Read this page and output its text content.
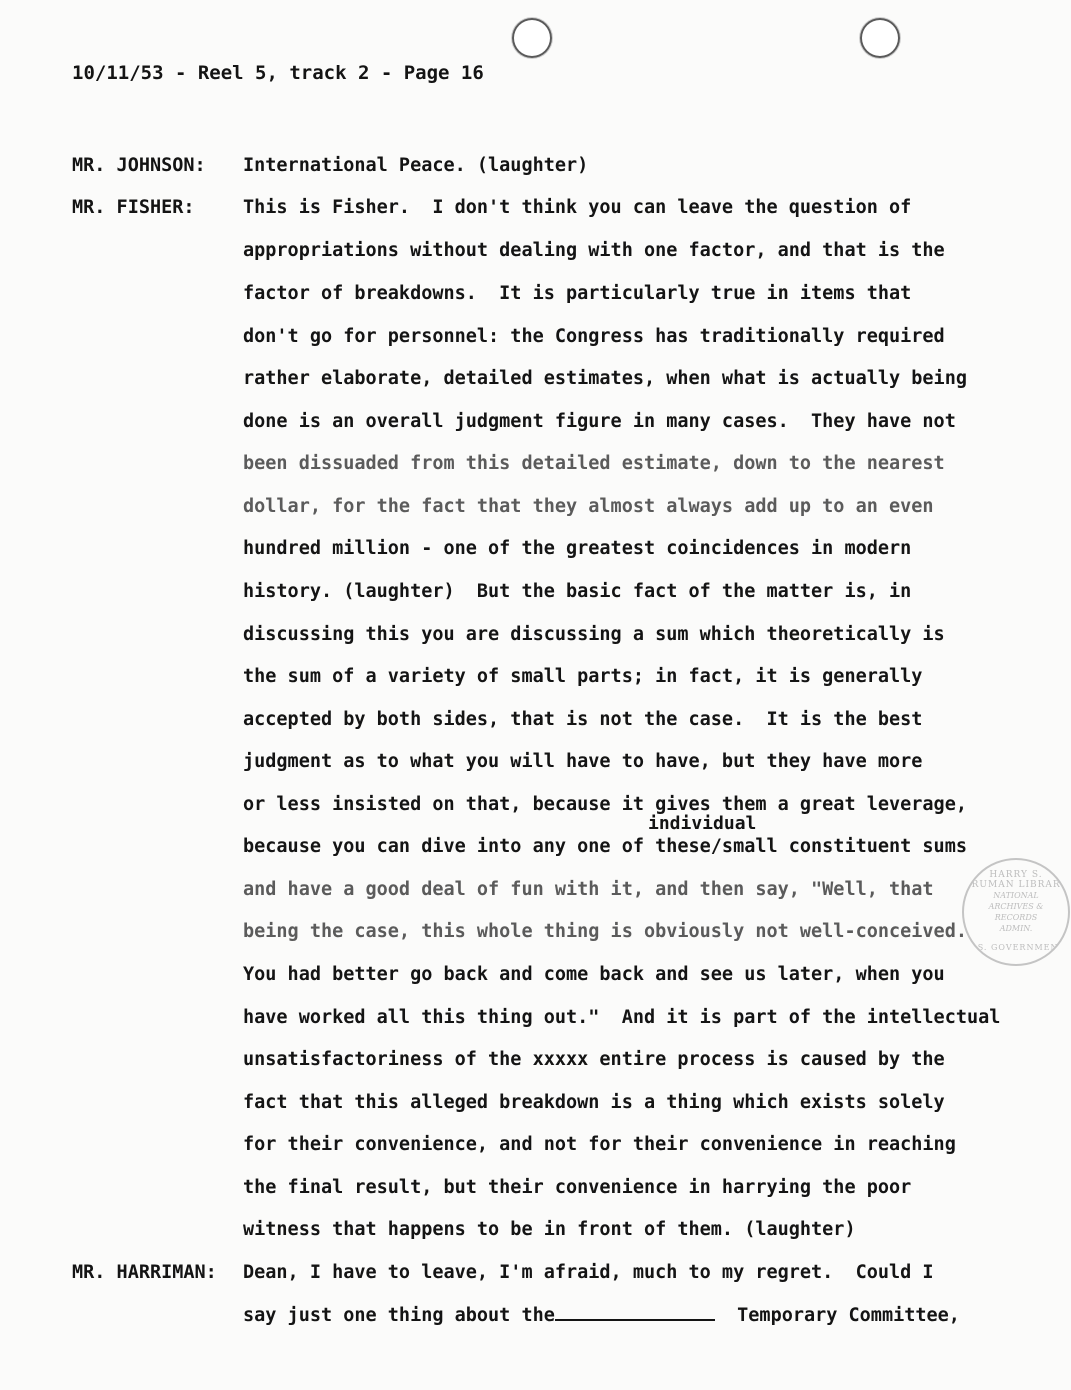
10/11/53 - Reel 5, track 2 - Page 16
MR. JOHNSON: International Peace. (laughter)
MR. FISHER:	This is Fisher.  I don't think you can leave the question of
appropriations without dealing with one factor, and that is the
factor of breakdowns.  It is particularly true in items that
don't go for personnel: the Congress has traditionally required
rather elaborate, detailed estimates, when what is actually being
done is an overall judgment figure in many cases.  They have not
been dissuaded from this detailed estimate, down to the nearest
dollar, for the fact that they almost always add up to an even
hundred million - one of the greatest coincidences in modern
history. (laughter)  But the basic fact of the matter is, in
discussing this you are discussing a sum which theoretically is
the sum of a variety of small parts; in fact, it is generally
accepted by both sides, that is not the case.  It is the best
judgment as to what you will have to have, but they have more
or less insisted on that, because it gives them a great leverage,
individual
because you can dive into any one of these/small constituent sums
and have a good deal of fun with it, and then say, "Well, that
being the case, this whole thing is obviously not well-conceived.
You had better go back and come back and see us later, when you
have worked all this thing out."  And it is part of the intellectual
unsatisfactoriness of the xxxxx entire process is caused by the
fact that this alleged breakdown is a thing which exists solely
for their convenience, and not for their convenience in reaching
the final result, but their convenience in harrying the poor
witness that happens to be in front of them. (laughter)
MR. HARRIMAN: Dean, I have to leave, I'm afraid, much to my regret.  Could I
say just one thing about the	Temporary Committee,
HARRY S. TRUMAN LIBRARY
NATIONAL ARCHIVES & RECORDS ADMIN.
U.S. GOVERNMENT
